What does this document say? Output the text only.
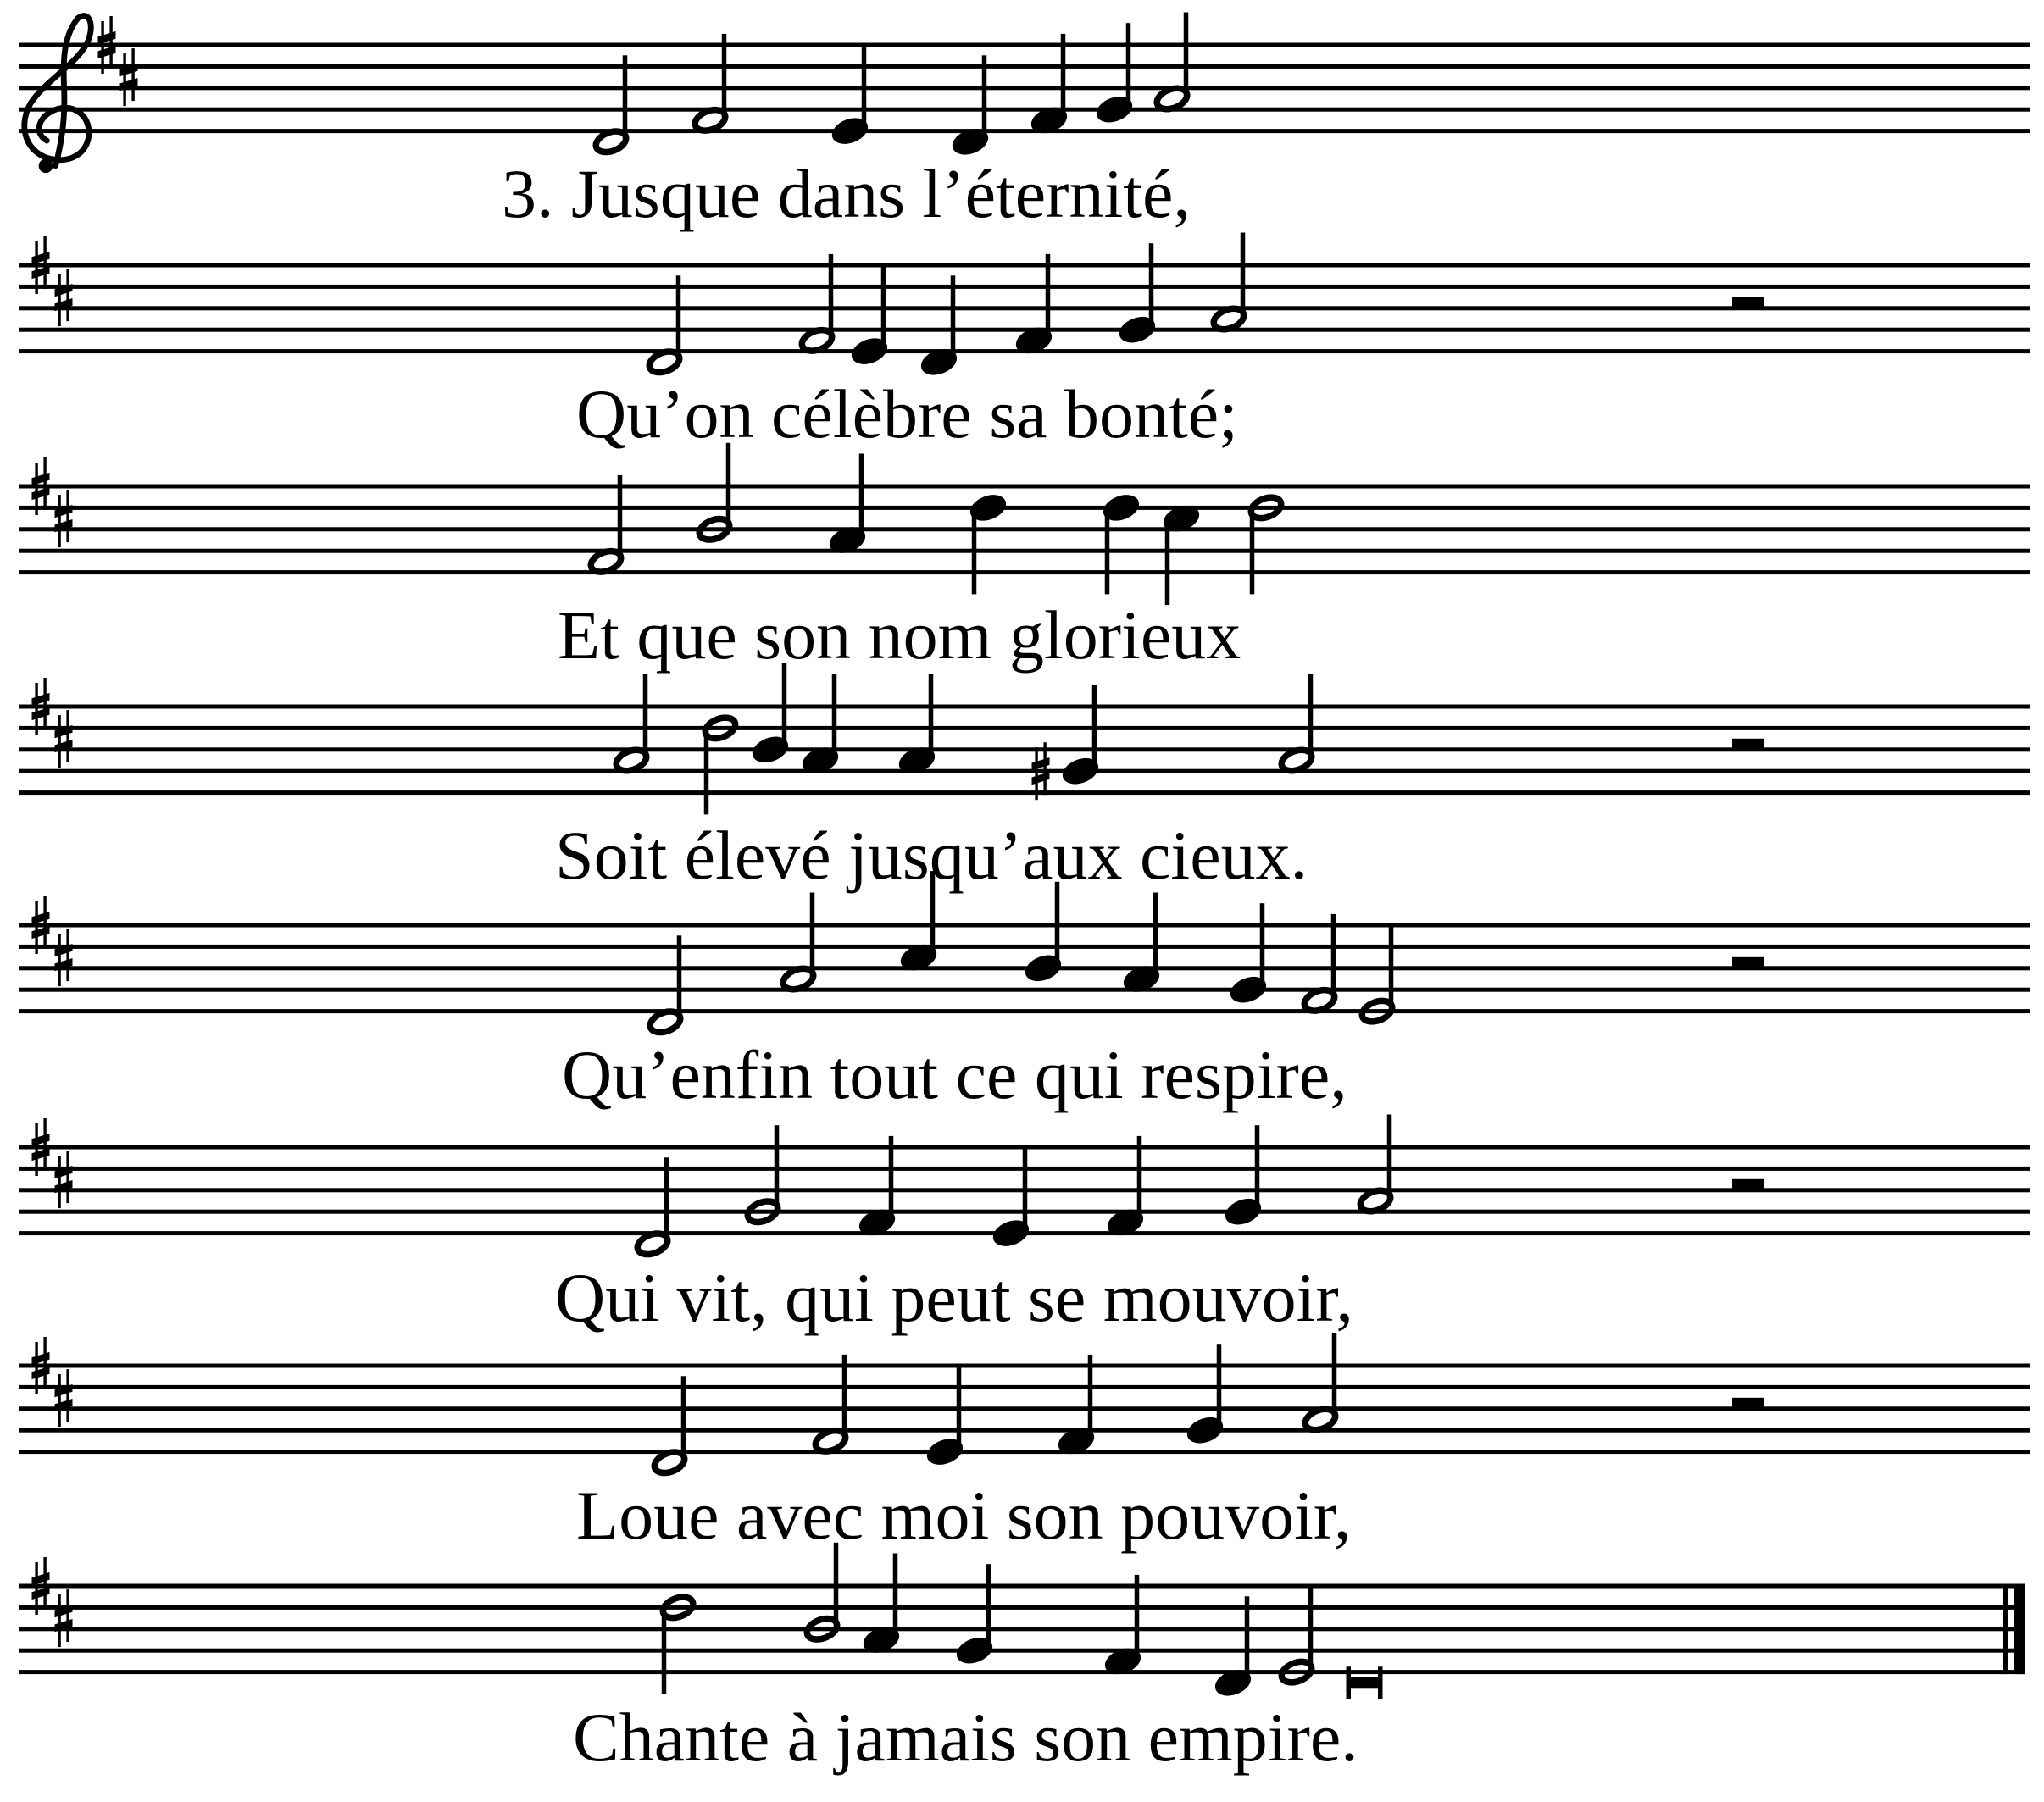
3. Jusque dans l’éternité,
Qu’on célèbre sa bonté;
Et que son nom glorieux
Soit élevé jusqu’aux cieux.
Qu’enfin tout ce qui respire,
Qui vit, qui peut se mouvoir,
Loue avec moi son pouvoir,
Chante à jamais son empire.
